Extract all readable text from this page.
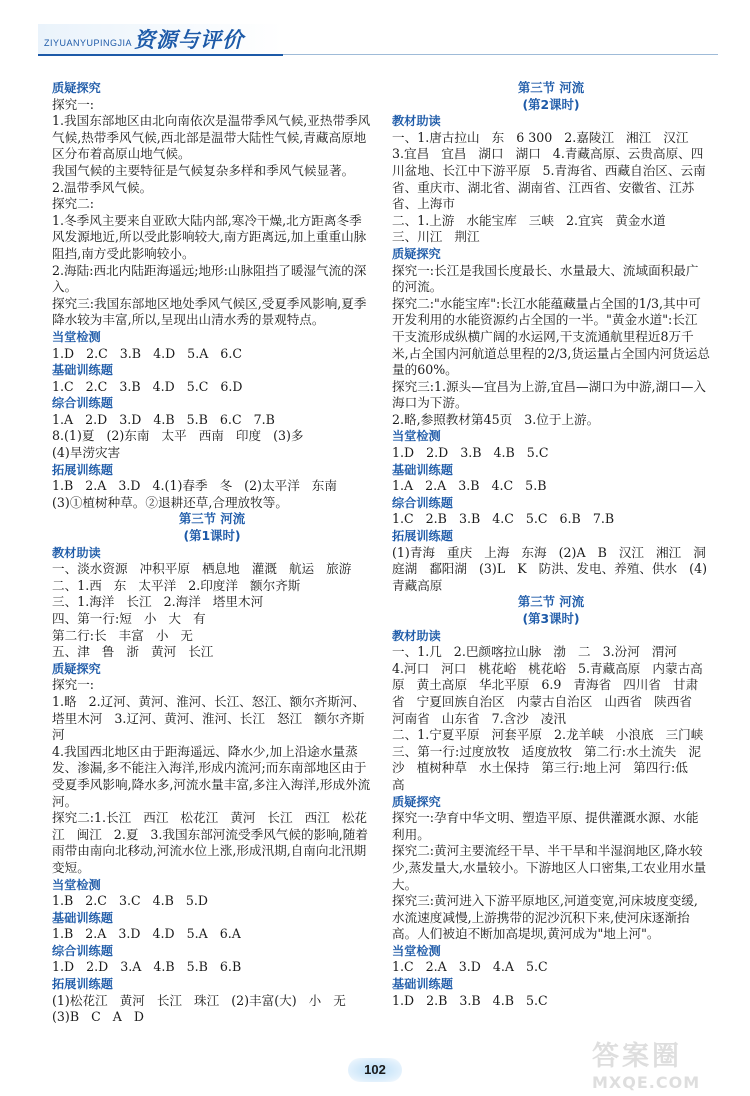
ZIYUANYUPINGJIA 资源与评价
质疑探究
探究一:
1.我国东部地区由北向南依次是温带季风气候,亚热带季风气候,热带季风气候,西北部是温带大陆性气候,青藏高原地区分布着高原山地气候。
我国气候的主要特征是气候复杂多样和季风气候显著。
2.温带季风气候。
探究二:
1.冬季风主要来自亚欧大陆内部,寒冷干燥,北方距离冬季风发源地近,所以受此影响较大,南方距离远,加上重重山脉阻挡,南方受此影响较小。
2.海陆:西北内陆距海遥远;地形:山脉阻挡了暖湿气流的深入。
探究三:我国东部地区地处季风气候区,受夏季风影响,夏季降水较为丰富,所以,呈现出山清水秀的景观特点。
当堂检测
1.D   2.C   3.B   4.D   5.A   6.C
基础训练题
1.C   2.C   3.B   4.D   5.C   6.D
综合训练题
1.A   2.D   3.D   4.B   5.B   6.C   7.B
8.(1)夏   (2)东南   太平   西南   印度   (3)多
(4)旱涝灾害
拓展训练题
1.B   2.A   3.D   4.(1)春季   冬   (2)太平洋   东南   (3)①植树种草。②退耕还草,合理放牧等。
第三节 河流
(第1课时)
教材助读
一、淡水资源   冲积平原   栖息地   灌溉   航运   旅游
二、1.西   东   太平洋   2.印度洋   额尔齐斯
三、1.海洋   长江   2.海洋   塔里木河
四、第一行:短   小   大   有
第二行:长   丰富   小   无
五、津   鲁   浙   黄河   长江
质疑探究
探究一:
1.略   2.辽河、黄河、淮河、长江、怒江、额尔齐斯河、塔里木河   3.辽河、黄河、淮河、长江   怒江   额尔齐斯河
4.我国西北地区由于距海遥远、降水少,加上沿途水量蒸发、渗漏,多不能注入海洋,形成内流河;而东南部地区由于受夏季风影响,降水多,河流水量丰富,多注入海洋,形成外流河。
探究二:1.长江   西江   松花江   黄河   长江   西江   松花江   闽江   2.夏   3.我国东部河流受季风气候的影响,随着雨带由南向北移动,河流水位上涨,形成汛期,自南向北汛期变短。
当堂检测
1.B   2.C   3.C   4.B   5.D
基础训练题
1.B   2.A   3.D   4.D   5.A   6.A
综合训练题
1.D   2.D   3.A   4.B   5.B   6.B
拓展训练题
(1)松花江   黄河   长江   珠江   (2)丰富(大)   小   无   (3)B   C   A   D
第三节 河流
(第2课时)
教材助读
一、1.唐古拉山   东   6 300   2.嘉陵江   湘江   汉江
3.宜昌   宜昌   湖口   湖口   4.青藏高原、云贵高原、四川盆地、长江中下游平原   5.青海省、西藏自治区、云南省、重庆市、湖北省、湖南省、江西省、安徽省、江苏省、上海市
二、1.上游   水能宝库   三峡   2.宜宾   黄金水道
三、川江   荆江
质疑探究
探究一:长江是我国长度最长、水量最大、流域面积最广的河流。
探究二:"水能宝库":长江水能蕴藏量占全国的1/3,其中可开发利用的水能资源约占全国的一半。"黄金水道":长江干支流形成纵横广阔的水运网,干支流通航里程近8万千米,占全国内河航道总里程的2/3,货运量占全国内河货运总量的60%。
探究三:1.源头—宜昌为上游,宜昌—湖口为中游,湖口—入海口为下游。
2.略,参照教材第45页   3.位于上游。
当堂检测
1.D   2.D   3.B   4.B   5.C
基础训练题
1.A   2.A   3.B   4.C   5.B
综合训练题
1.C   2.B   3.B   4.C   5.C   6.B   7.B
拓展训练题
(1)青海   重庆   上海   东海   (2)A   B   汉江   湘江   洞庭湖   鄱阳湖   (3)L   K   防洪、发电、养殖、供水   (4)青藏高原
第三节 河流
(第3课时)
教材助读
一、1.几   2.巴颜喀拉山脉   渤   二   3.汾河   渭河
4.河口   河口   桃花峪   桃花峪   5.青藏高原   内蒙古高原   黄土高原   华北平原   6.9   青海省   四川省   甘肃省   宁夏回族自治区   内蒙古自治区   山西省   陕西省   河南省   山东省   7.含沙   凌汛
二、1.宁夏平原   河套平原   2.龙羊峡   小浪底   三门峡
三、第一行:过度放牧   适度放牧   第二行:水土流失   泥沙   植树种草   水土保持   第三行:地上河   第四行:低   高
质疑探究
探究一:孕育中华文明、塑造平原、提供灌溉水源、水能利用。
探究二:黄河主要流经干旱、半干旱和半湿润地区,降水较少,蒸发量大,水量较小。下游地区人口密集,工农业用水量大。
探究三:黄河进入下游平原地区,河道变宽,河床坡度变缓,水流速度减慢,上游携带的泥沙沉积下来,使河床逐渐抬高。人们被迫不断加高堤坝,黄河成为"地上河"。
当堂检测
1.C   2.A   3.D   4.A   5.C
基础训练题
1.D   2.B   3.B   4.B   5.C
102	答案圈
MXQE.COM
